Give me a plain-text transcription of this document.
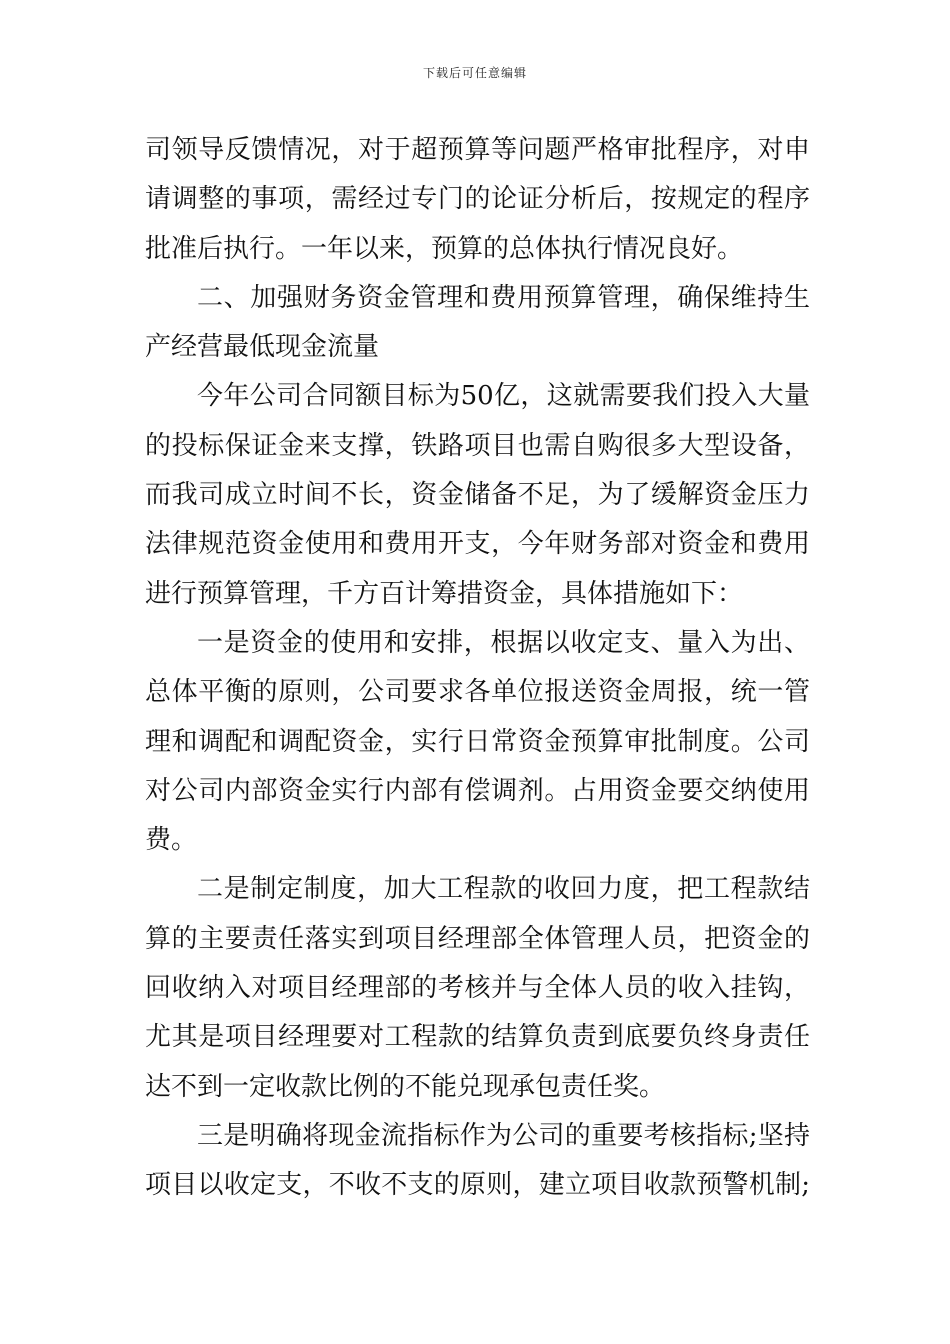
下载后可任意编辑
司领导反馈情况，对于超预算等问题严格审批程序，对申
请调整的事项，需经过专门的论证分析后，按规定的程序
批准后执行。一年以来，预算的总体执行情况良好。
二、加强财务资金管理和费用预算管理，确保维持生
产经营最低现金流量
今年公司合同额目标为50亿，这就需要我们投入大量
的投标保证金来支撑，铁路项目也需自购很多大型设备，
而我司成立时间不长，资金储备不足，为了缓解资金压力
法律规范资金使用和费用开支，今年财务部对资金和费用
进行预算管理，千方百计筹措资金，具体措施如下：
一是资金的使用和安排，根据以收定支、量入为出、
总体平衡的原则，公司要求各单位报送资金周报，统一管
理和调配和调配资金，实行日常资金预算审批制度。公司
对公司内部资金实行内部有偿调剂。占用资金要交纳使用
费。
二是制定制度，加大工程款的收回力度，把工程款结
算的主要责任落实到项目经理部全体管理人员，把资金的
回收纳入对项目经理部的考核并与全体人员的收入挂钩，
尤其是项目经理要对工程款的结算负责到底要负终身责任
达不到一定收款比例的不能兑现承包责任奖。
三是明确将现金流指标作为公司的重要考核指标;坚持
项目以收定支，不收不支的原则，建立项目收款预警机制;
